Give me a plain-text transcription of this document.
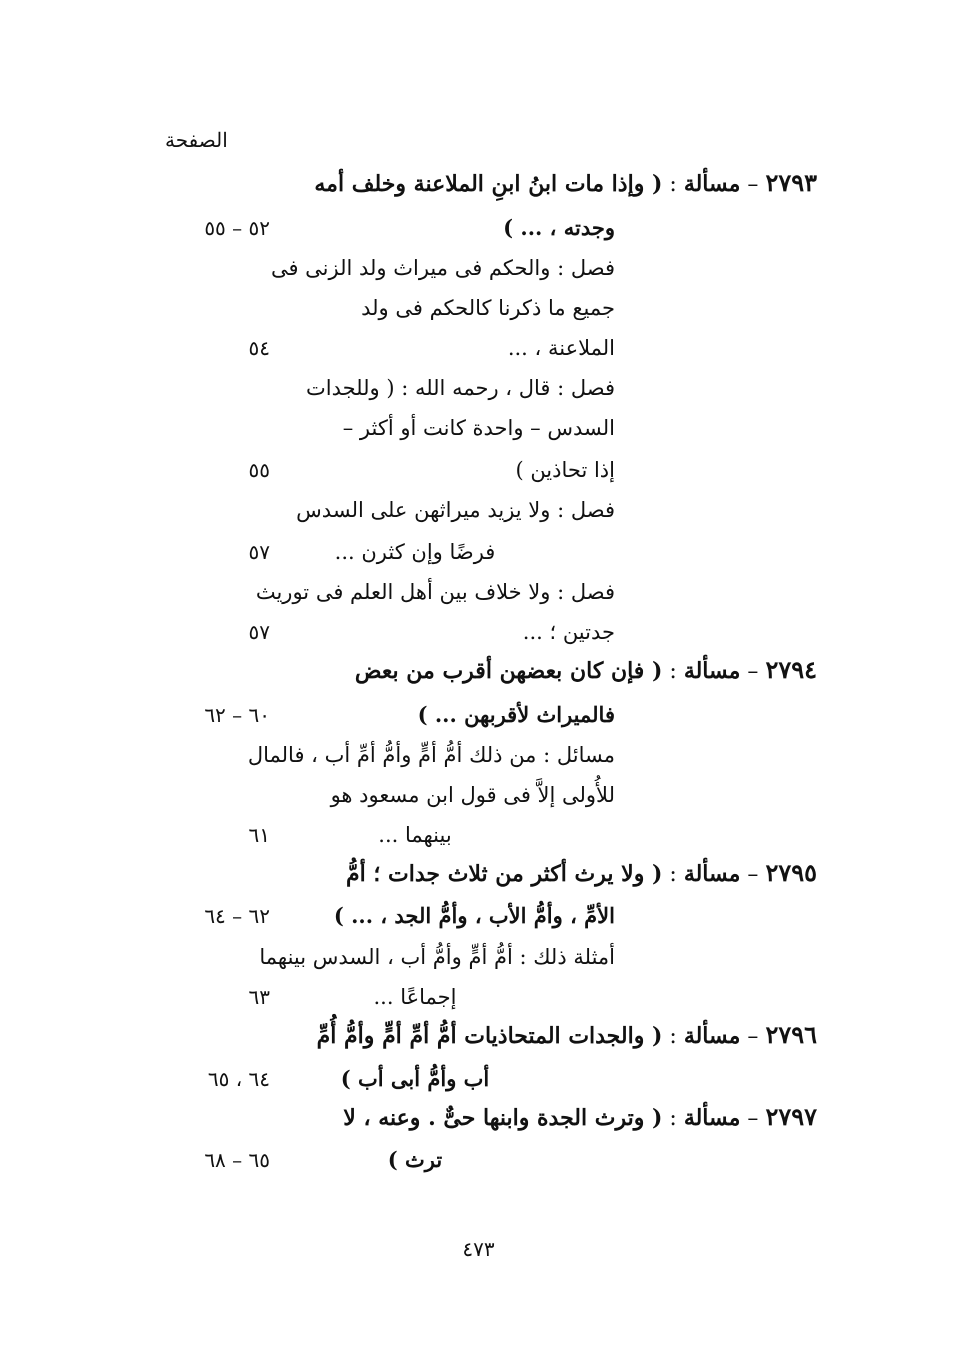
الصفحة
٢٧٩٣ – مسألة : ( وإذا مات ابنُ ابنِ الملاعنة وخلف أمه
وجدته ، ... )
٥٢ – ٥٥
فصل : والحكم فى ميراث ولد الزنى فى
جميع ما ذكرنا كالحكم فى ولد
الملاعنة ، ...
٥٤
فصل : قال ، رحمه الله : ( وللجدات
السدس – واحدة كانت أو أكثر –
إذا تحاذين )
٥٥
فصل : ولا يزيد ميراثهن على السدس
فرضًا وإن كثرن ...
٥٧
فصل : ولا خلاف بين أهل العلم فى توريث
جدتين ؛ ...
٥٧
٢٧٩٤ – مسألة : ( فإن كان بعضهن أقرب من بعض
فالميراث لأقربهن ... )
٦٠ – ٦٢
مسائل : من ذلك أمُّ أمٍّ وأمُّ أمِّ أب ، فالمال
للأُولى إلاَّ فى قول ابن مسعود هو
بينهما ...
٦١
٢٧٩٥ – مسألة : ( ولا يرث أكثر من ثلاث جدات ؛ أمُّ
الأمِّ ، وأمُّ الأب ، وأمُّ الجد ، ... )
٦٢ – ٦٤
أمثلة ذلك : أمُّ أمٍّ وأمُّ أب ، السدس بينهما
إجماعًا ...
٦٣
٢٧٩٦ – مسألة : ( والجدات المتحاذيات أمُّ أمِّ أمٍّ وأمُّ أُمِّ
أب وأمُّ أبى أب )
٦٤ ، ٦٥
٢٧٩٧ – مسألة : ( وترث الجدة وابنها حىٌّ . وعنه ، لا
ترث )
٦٥ – ٦٨
٤٧٣
